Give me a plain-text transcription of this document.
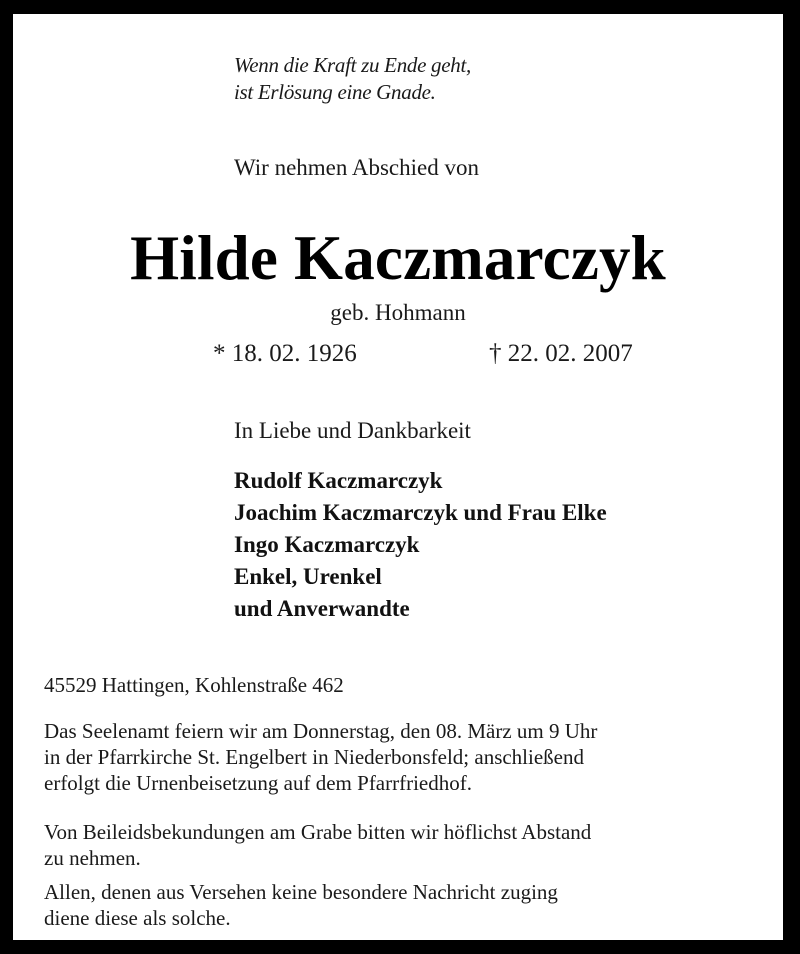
Wenn die Kraft zu Ende geht,
ist Erlösung eine Gnade.
Wir nehmen Abschied von
Hilde Kaczmarczyk
geb. Hohmann
* 18. 02. 1926	† 22. 02. 2007
In Liebe und Dankbarkeit
Rudolf Kaczmarczyk
Joachim Kaczmarczyk und Frau Elke
Ingo Kaczmarczyk
Enkel, Urenkel
und Anverwandte
45529 Hattingen, Kohlenstraße 462
Das Seelenamt feiern wir am Donnerstag, den 08. März um 9 Uhr
in der Pfarrkirche St. Engelbert in Niederbonsfeld; anschließend
erfolgt die Urnenbeisetzung auf dem Pfarrfriedhof.
Von Beileidsbekundungen am Grabe bitten wir höflichst Abstand
zu nehmen.
Allen, denen aus Versehen keine besondere Nachricht zuging
diene diese als solche.
